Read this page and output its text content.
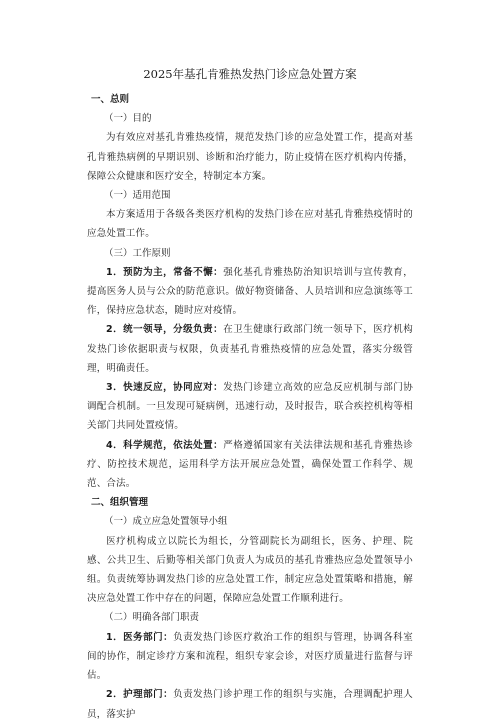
2025年基孔肯雅热发热门诊应急处置方案
一、总则
（一）目的

为有效应对基孔肯雅热疫情，规范发热门诊的应急处置工作，提高对基孔肯雅热病例的早期识别、诊断和治疗能力，防止疫情在医疗机构内传播，保障公众健康和医疗安全，特制定本方案。

（一）适用范围

本方案适用于各级各类医疗机构的发热门诊在应对基孔肯雅热疫情时的应急处置工作。

（三）工作原则

1．预防为主，常备不懈：强化基孔肯雅热防治知识培训与宣传教育，提高医务人员与公众的防范意识。做好物资储备、人员培训和应急演练等工作，保持应急状态，随时应对疫情。

2．统一领导，分级负责：在卫生健康行政部门统一领导下，医疗机构发热门诊依据职责与权限，负责基孔肯雅热疫情的应急处置，落实分级管理，明确责任。

3．快速反应，协同应对：发热门诊建立高效的应急反应机制与部门协调配合机制。一旦发现可疑病例，迅速行动，及时报告，联合疾控机构等相关部门共同处置疫情。

4．科学规范，依法处置：严格遵循国家有关法律法规和基孔肯雅热诊疗、防控技术规范，运用科学方法开展应急处置，确保处置工作科学、规范、合法。

二、组织管理
（一）成立应急处置领导小组

医疗机构成立以院长为组长，分管副院长为副组长，医务、护理、院感、公共卫生、后勤等相关部门负责人为成员的基孔肯雅热应急处置领导小组。负责统筹协调发热门诊的应急处置工作，制定应急处置策略和措施，解决应急处置工作中存在的问题，保障应急处置工作顺利进行。

（二）明确各部门职责

1．医务部门：负责发热门诊医疗救治工作的组织与管理，协调各科室间的协作，制定诊疗方案和流程，组织专家会诊，对医疗质量进行监督与评估。

2．护理部门：负责发热门诊护理工作的组织与实施，合理调配护理人员，落实护
